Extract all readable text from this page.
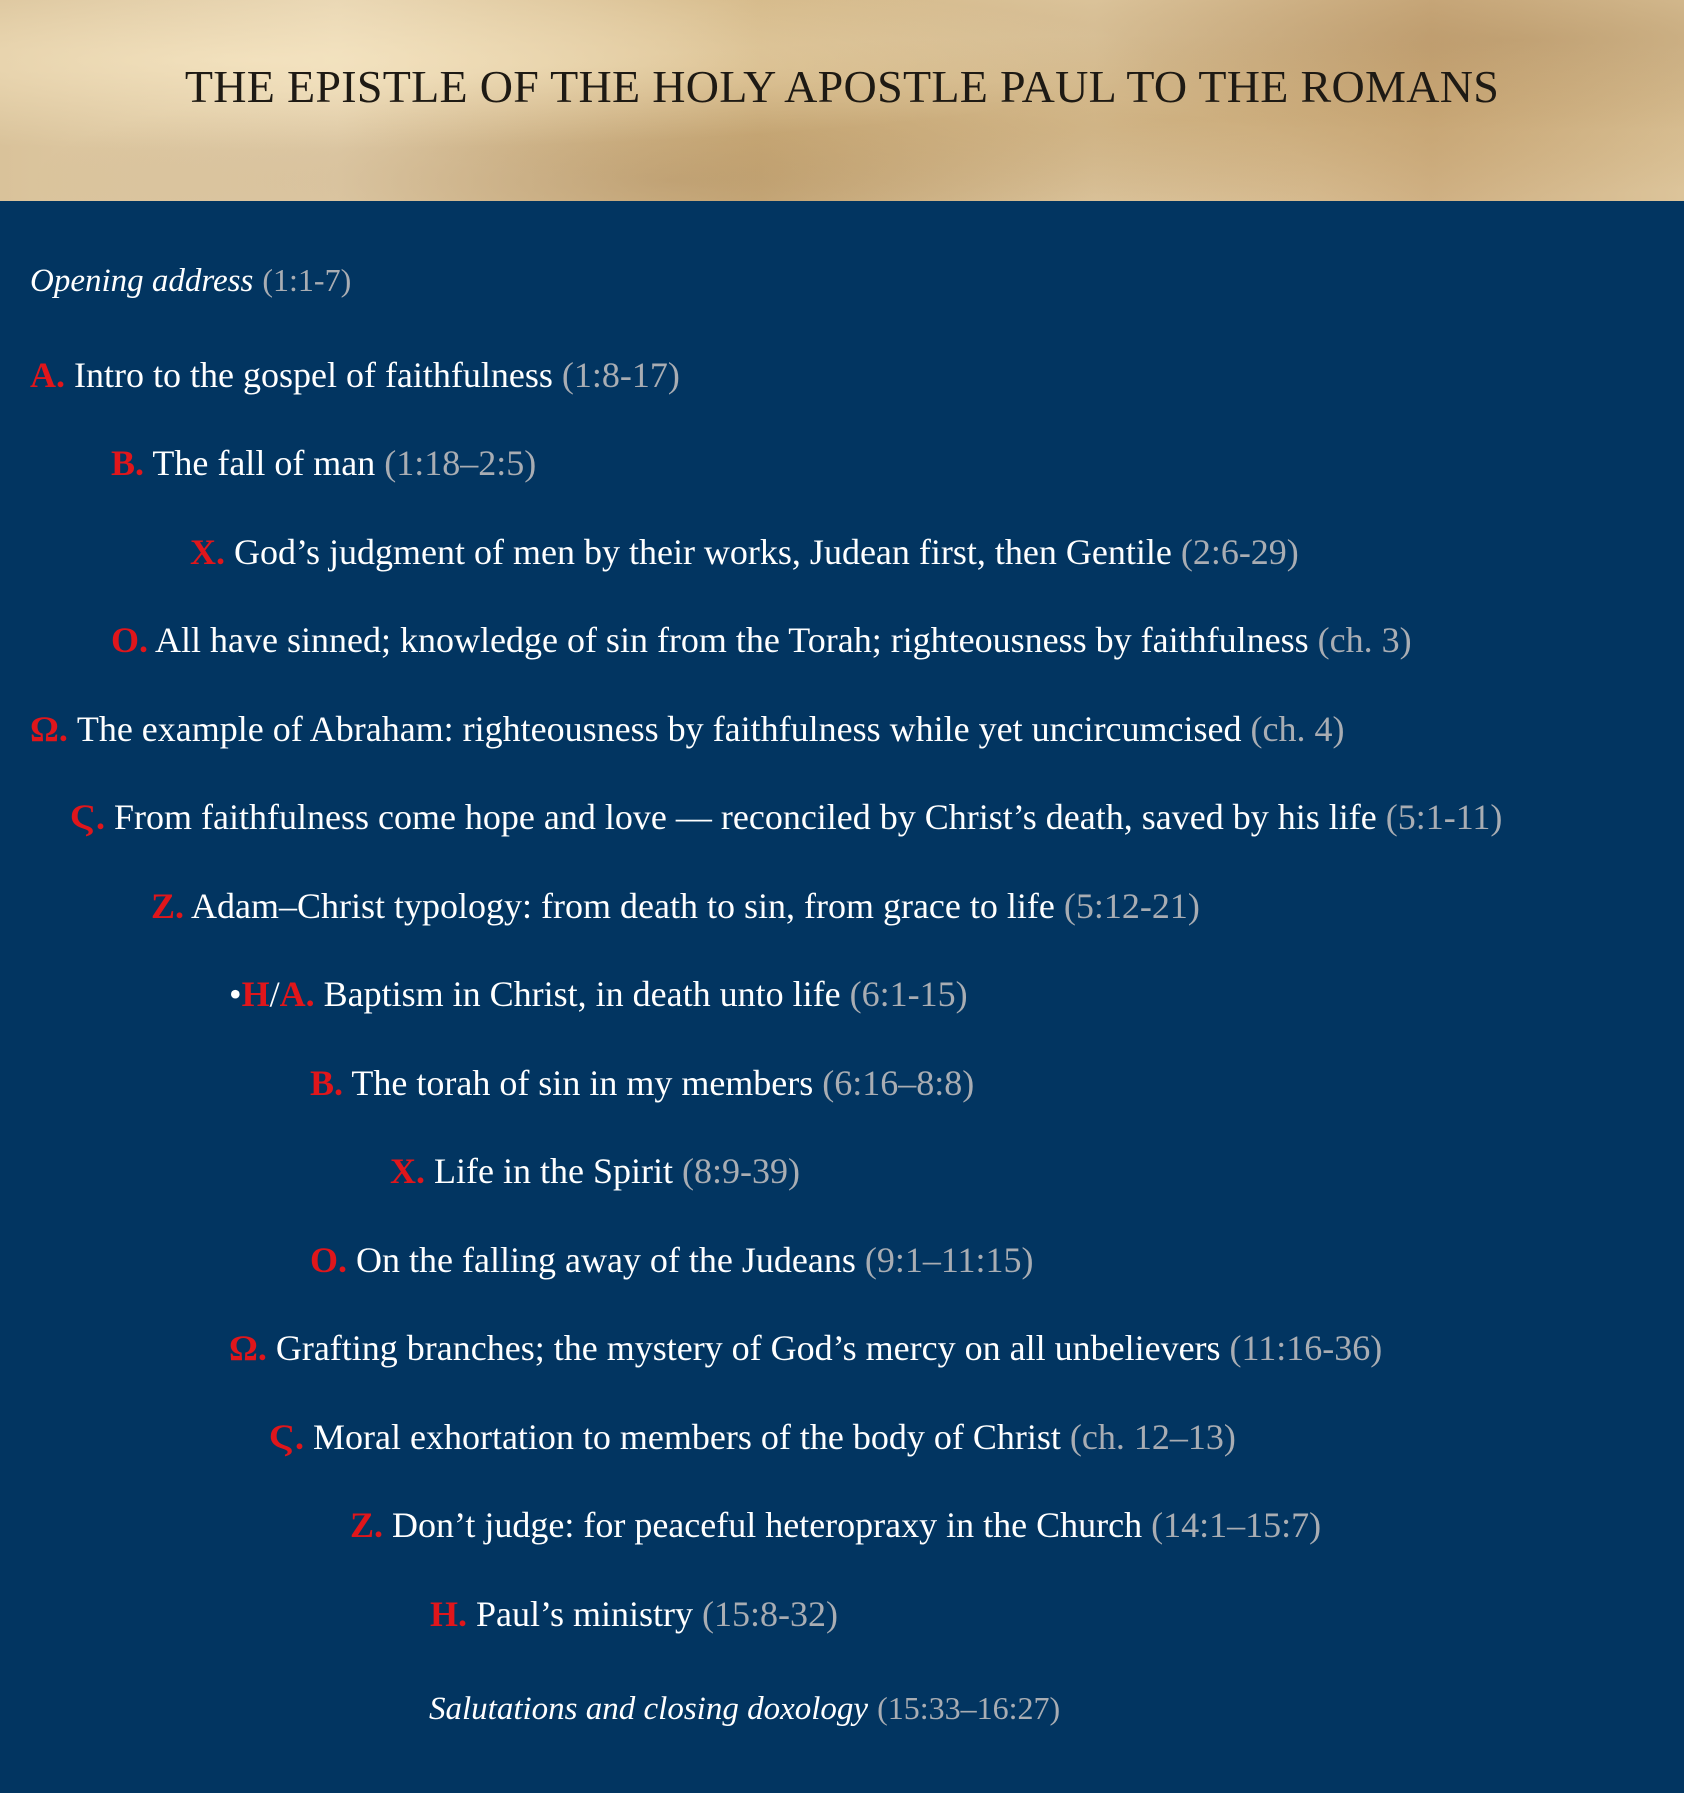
THE EPISTLE OF THE HOLY APOSTLE PAUL TO THE ROMANS
Opening address (1:1-7)
A. Intro to the gospel of faithfulness (1:8-17)
B. The fall of man (1:18–2:5)
X. God’s judgment of men by their works, Judean first, then Gentile (2:6-29)
O. All have sinned; knowledge of sin from the Torah; righteousness by faithfulness (ch. 3)
Ω. The example of Abraham: righteousness by faithfulness while yet uncircumcised (ch. 4)
Ϛ. From faithfulness come hope and love — reconciled by Christ’s death, saved by his life (5:1-11)
Z. Adam–Christ typology: from death to sin, from grace to life (5:12-21)
•H/A. Baptism in Christ, in death unto life (6:1-15)
B. The torah of sin in my members (6:16–8:8)
X. Life in the Spirit (8:9-39)
O. On the falling away of the Judeans (9:1–11:15)
Ω. Grafting branches; the mystery of God’s mercy on all unbelievers (11:16-36)
Ϛ. Moral exhortation to members of the body of Christ (ch. 12–13)
Z. Don’t judge: for peaceful heteropraxy in the Church (14:1–15:7)
H. Paul’s ministry (15:8-32)
Salutations and closing doxology (15:33–16:27)
